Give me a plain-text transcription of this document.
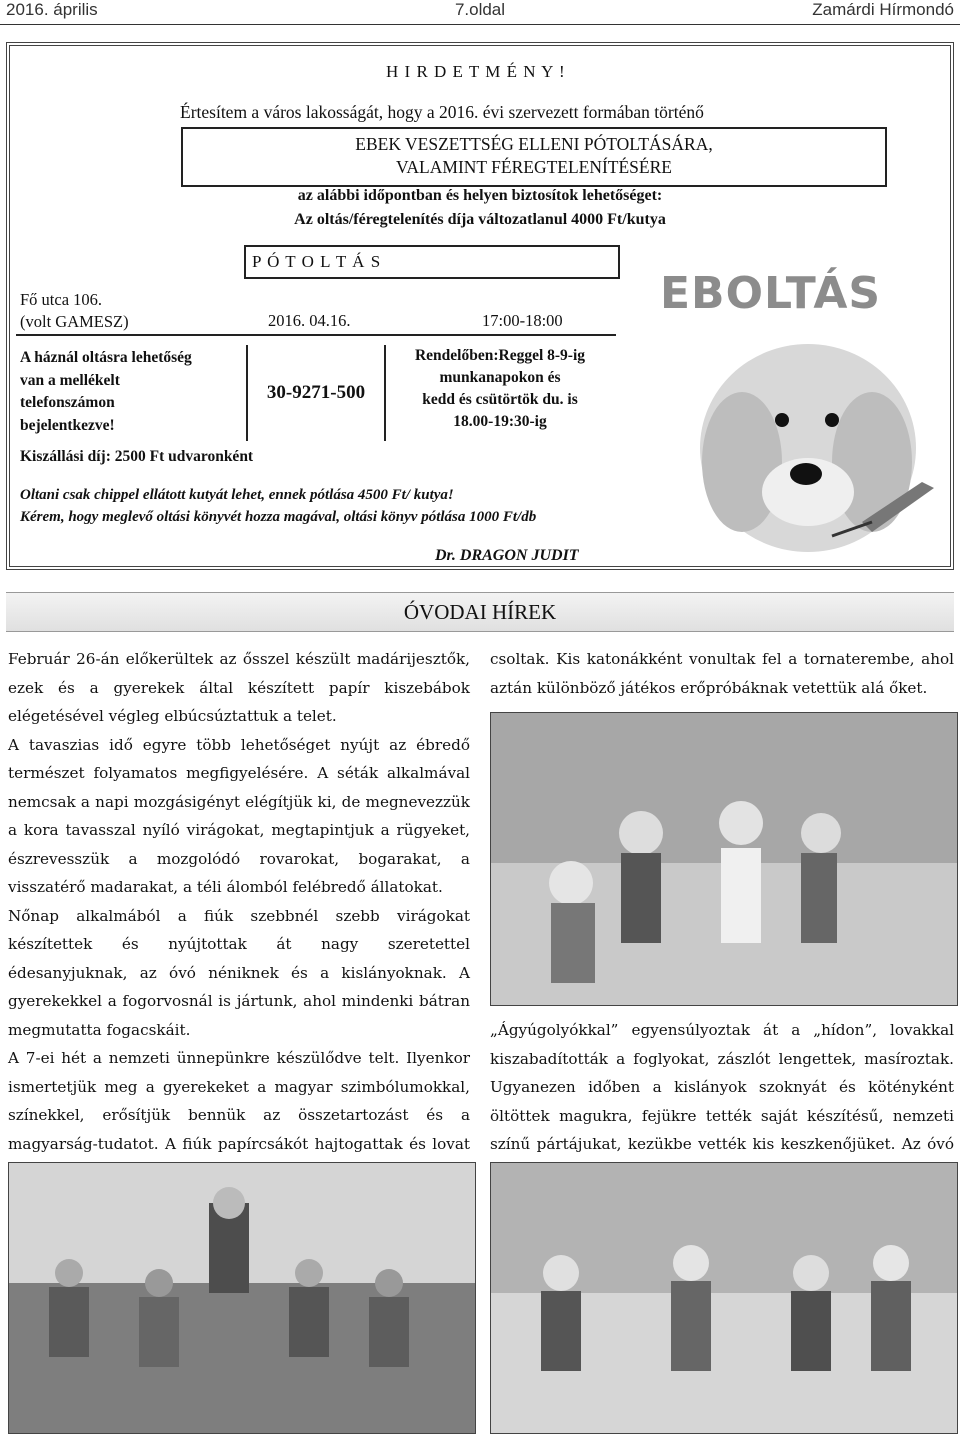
2016. április	7.oldal	Zamárdi Hírmondó
H I R D E T M É N Y !
Értesítem a város lakosságát, hogy a 2016. évi szervezett formában történő
EBEK VESZETTSÉG ELLENI PÓTOLTÁSÁRA,
VALAMINT FÉREGTELENÍTÉSÉRE
az alábbi időpontban és helyen biztosítok lehetőséget:
Az oltás/féregtelenítés díja változatlanul 4000 Ft/kutya
P Ó T O L T Á S
Fő utca 106.
(volt GAMESZ)	2016. 04.16.	17:00-18:00
A háznál oltásra lehetőség
van a mellékelt
telefonszámon
bejelentkezve!
30-9271-500
Rendelőben:Reggel 8-9-ig
munkanapokon és
kedd és csütörtök du. is
18.00-19:30-ig
Kiszállási díj: 2500 Ft udvaronként
Oltani csak chippel ellátott kutyát lehet, ennek pótlása 4500 Ft/ kutya!
Kérem, hogy meglevő oltási könyvét hozza magával, oltási könyv pótlása 1000 Ft/db
Dr. DRAGON JUDIT
EBOLTÁS
ÓVODAI HÍREK

Február 26-án előkerültek az ősszel készült madárijesztők, ezek és a gyerekek által készített papír kiszebábok elégetésével végleg elbúcsúztattuk a telet.

A tavaszias idő egyre több lehetőséget nyújt az ébredő természet folyamatos megfigyelésére. A séták alkalmával nemcsak a napi mozgásigényt elégítjük ki, de megnevezzük a kora tavasszal nyíló virágokat, megtapintjuk a rügyeket, észrevesszük a mozgolódó rovarokat, bogarakat, a visszatérő madarakat, a téli álomból felébredő állatokat.

Nőnap alkalmából a fiúk szebbnél szebb virágokat készítettek és nyújtottak át nagy szeretettel édesanyjuknak, az óvó néniknek és a kislányoknak. A gyerekekkel a fogorvosnál is jártunk, ahol mindenki bátran megmutatta fogacskáit.

A 7-ei hét a nemzeti ünnepünkre készülődve telt. Ilyenkor ismertetjük meg a gyerekeket a magyar szimbólumokkal, színekkel, erősítjük bennük az összetartozást és a magyarság-tudatot. A fiúk papírcsákót hajtogattak és lovat

csoltak. Kis katonákként vonultak fel a tornaterembe, ahol aztán különböző játékos erőpróbáknak vetettük alá őket.

„Ágyúgolyókkal” egyensúlyoztak át a „hídon”, lovakkal kiszabadították a foglyokat, zászlót lengettek, masíroztak. Ugyanezen időben a kislányok szoknyát és kötényként öltöttek magukra, fejükre tették saját készítésű, nemzeti színű pártájukat, kezükbe vették kis keszkenőjüket. Az óvó
